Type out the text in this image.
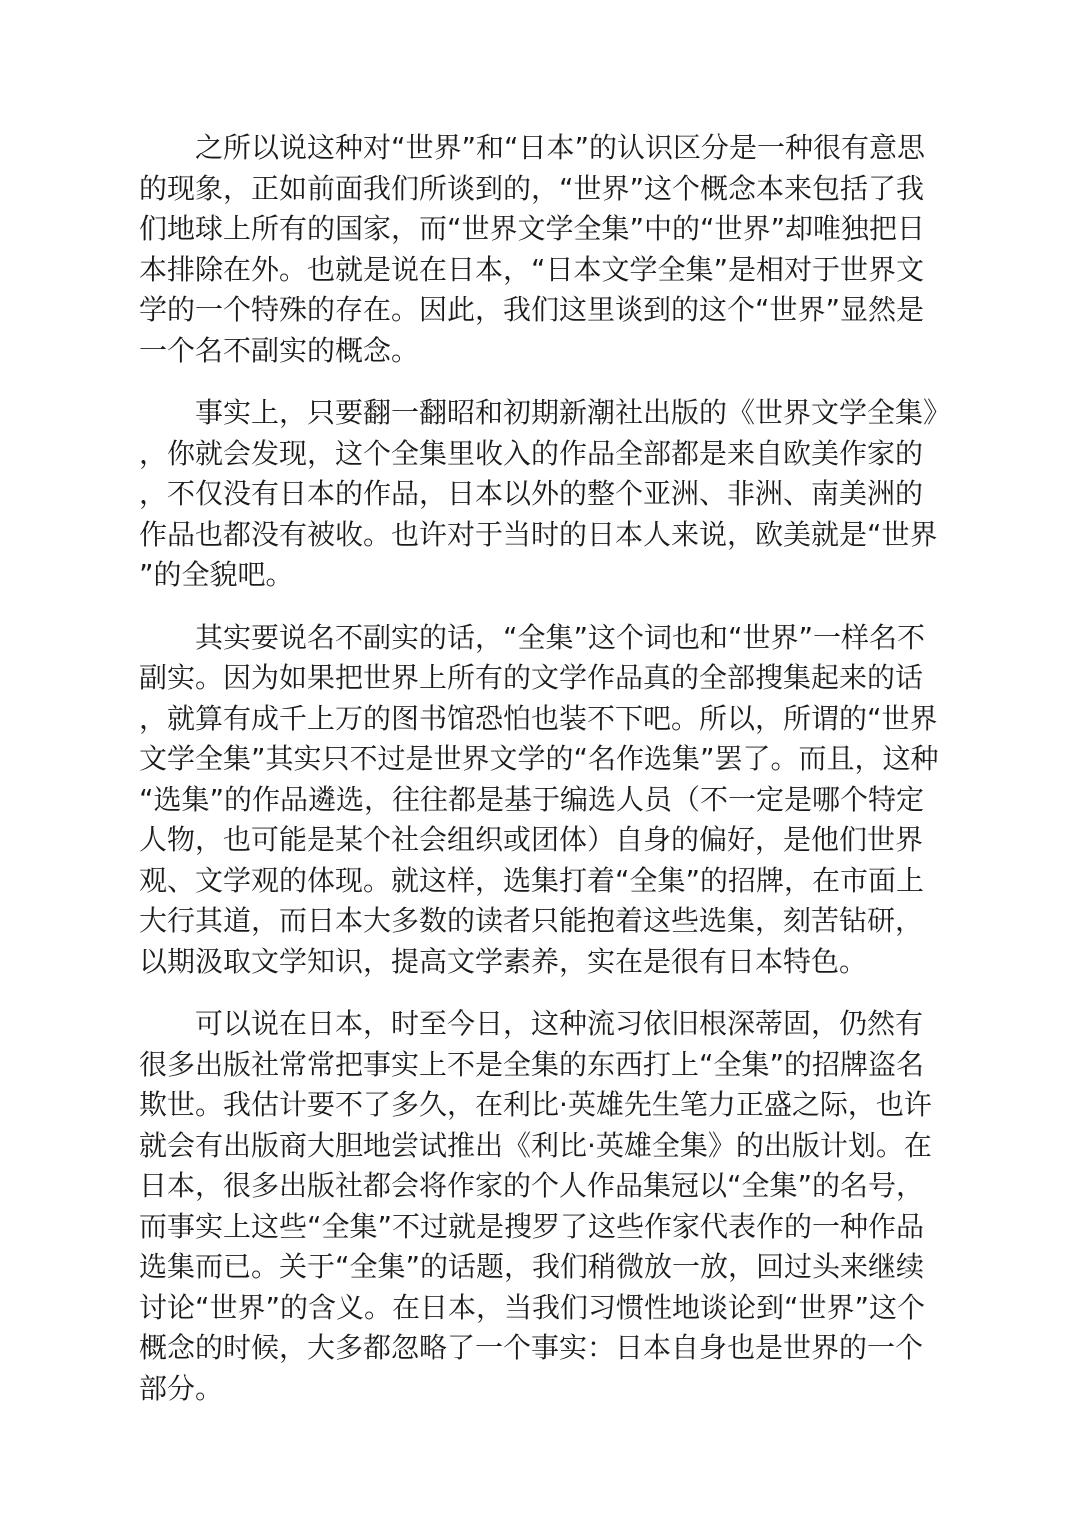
之所以说这种对“世界”和“日本”的认识区分是一种很有意思的现象，正如前面我们所谈到的，“世界”这个概念本来包括了我们地球上所有的国家，而“世界文学全集”中的“世界”却唯独把日本排除在外。也就是说在日本，“日本文学全集”是相对于世界文学的一个特殊的存在。因此，我们这里谈到的这个“世界”显然是一个名不副实的概念。

事实上，只要翻一翻昭和初期新潮社出版的《世界文学全集》，你就会发现，这个全集里收入的作品全部都是来自欧美作家的，不仅没有日本的作品，日本以外的整个亚洲、非洲、南美洲的作品也都没有被收。也许对于当时的日本人来说，欧美就是“世界”的全貌吧。

其实要说名不副实的话，“全集”这个词也和“世界”一样名不副实。因为如果把世界上所有的文学作品真的全部搜集起来的话，就算有成千上万的图书馆恐怕也装不下吧。所以，所谓的“世界文学全集”其实只不过是世界文学的“名作选集”罢了。而且，这种“选集”的作品遴选，往往都是基于编选人员（不一定是哪个特定人物，也可能是某个社会组织或团体）自身的偏好，是他们世界观、文学观的体现。就这样，选集打着“全集”的招牌，在市面上大行其道，而日本大多数的读者只能抱着这些选集，刻苦钻研，以期汲取文学知识，提高文学素养，实在是很有日本特色。

可以说在日本，时至今日，这种流习依旧根深蒂固，仍然有很多出版社常常把事实上不是全集的东西打上“全集”的招牌盗名欺世。我估计要不了多久，在利比·英雄先生笔力正盛之际，也许就会有出版商大胆地尝试推出《利比·英雄全集》的出版计划。在日本，很多出版社都会将作家的个人作品集冠以“全集”的名号，而事实上这些“全集”不过就是搜罗了这些作家代表作的一种作品选集而已。关于“全集”的话题，我们稍微放一放，回过头来继续讨论“世界”的含义。在日本，当我们习惯性地谈论到“世界”这个概念的时候，大多都忽略了一个事实：日本自身也是世界的一个部分。
